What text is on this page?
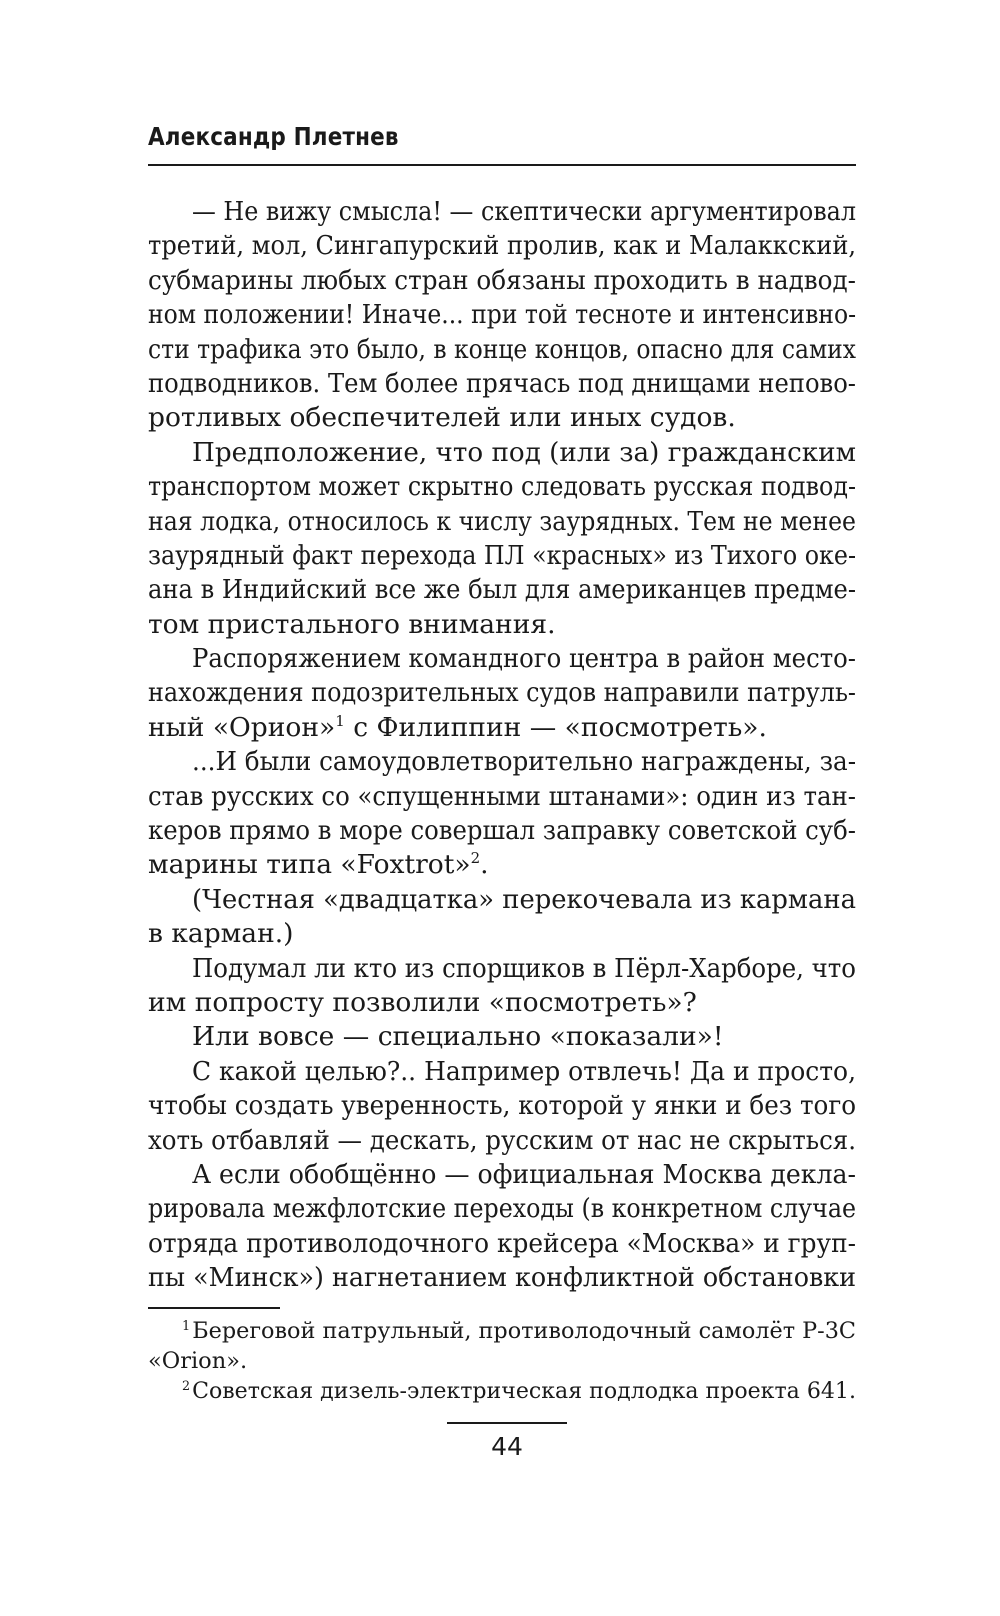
Александр Плетнев
— Не вижу смысла! — скептически аргументировал
третий, мол, Сингапурский пролив, как и Малаккский,
субмарины любых стран обязаны проходить в надвод-
ном положении! Иначе... при той тесноте и интенсивно-
сти трафика это было, в конце концов, опасно для самих
подводников. Тем более прячась под днищами непово-
ротливых обеспечителей или иных судов.
Предположение, что под (или за) гражданским
транспортом может скрытно следовать русская подвод-
ная лодка, относилось к числу заурядных. Тем не менее
заурядный факт перехода ПЛ «красных» из Тихого оке-
ана в Индийский все же был для американцев предме-
том пристального внимания.
Распоряжением командного центра в район место-
нахождения подозрительных судов направили патруль-
ный «Орион»$^1$ с Филиппин — «посмотреть».
...И были самоудовлетворительно награждены, за-
став русских со «спущенными штанами»: один из тан-
керов прямо в море совершал заправку советской суб-
марины типа «Foxtrot»$^2$.
(Честная «двадцатка» перекочевала из кармана
в карман.)
Подумал ли кто из спорщиков в Пёрл-Харборе, что
им попросту позволили «посмотреть»?
Или вовсе — специально «показали»!
С какой целью?.. Например отвлечь! Да и просто,
чтобы создать уверенность, которой у янки и без того
хоть отбавляй — дескать, русским от нас не скрыться.
А если обобщённо — официальная Москва декла-
рировала межфлотские переходы (в конкретном случае
отряда противолодочного крейсера «Москва» и груп-
пы «Минск») нагнетанием конфликтной обстановки
$^1$Береговой патрульный, противолодочный самолёт Р-3С
«Orion».
$^2$Советская дизель-электрическая подлодка проекта 641.
44
